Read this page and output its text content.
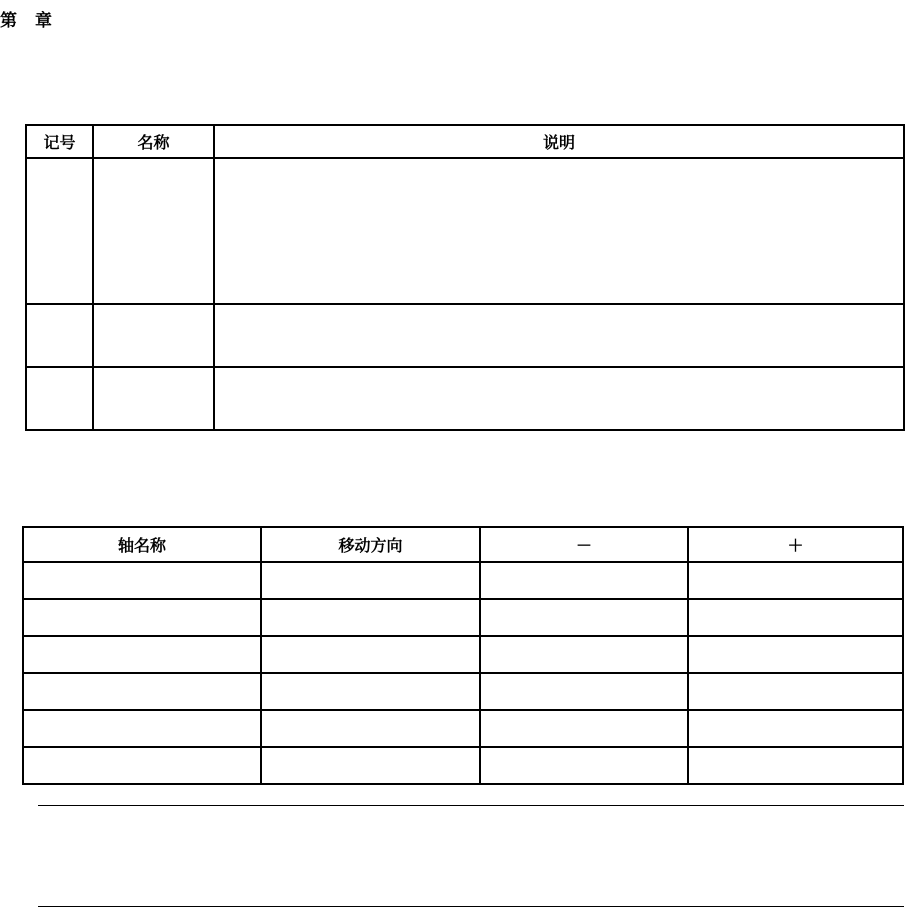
第 章
记号	名称	说明

轴名称	移动方向	－	＋
